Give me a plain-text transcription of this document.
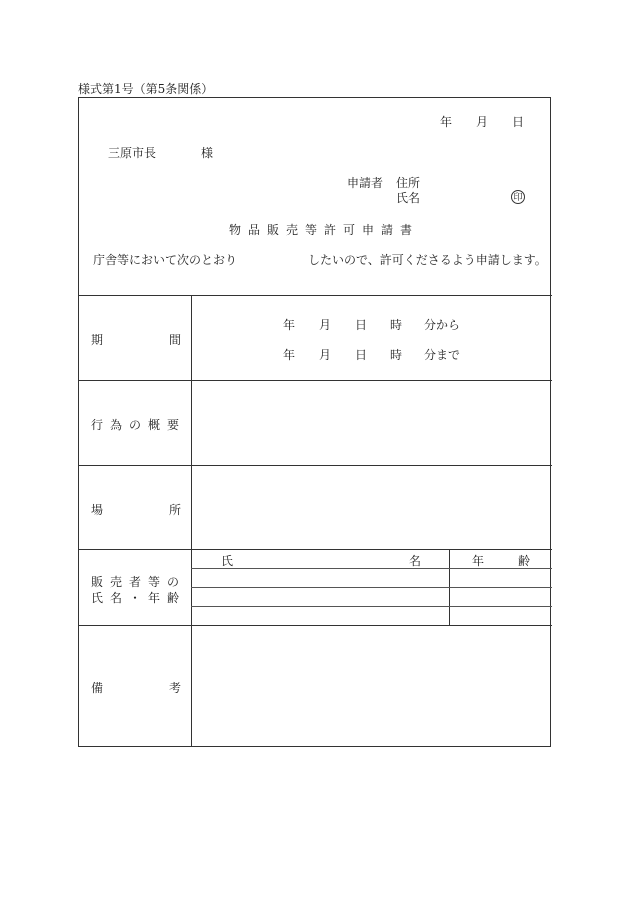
様式第1号（第5条関係）
年 月 日
三原市長	様
申請者 住所
氏名	印
物品販売等許可申請書
庁舎等において次のとおり	したいので、許可くださるよう申請します。
期	間
年 月 日 時 分から
年 月 日 時 分まで
行為の概要
場	所
販売者等の
氏名・年齢
氏	名	年	齢
備	考
